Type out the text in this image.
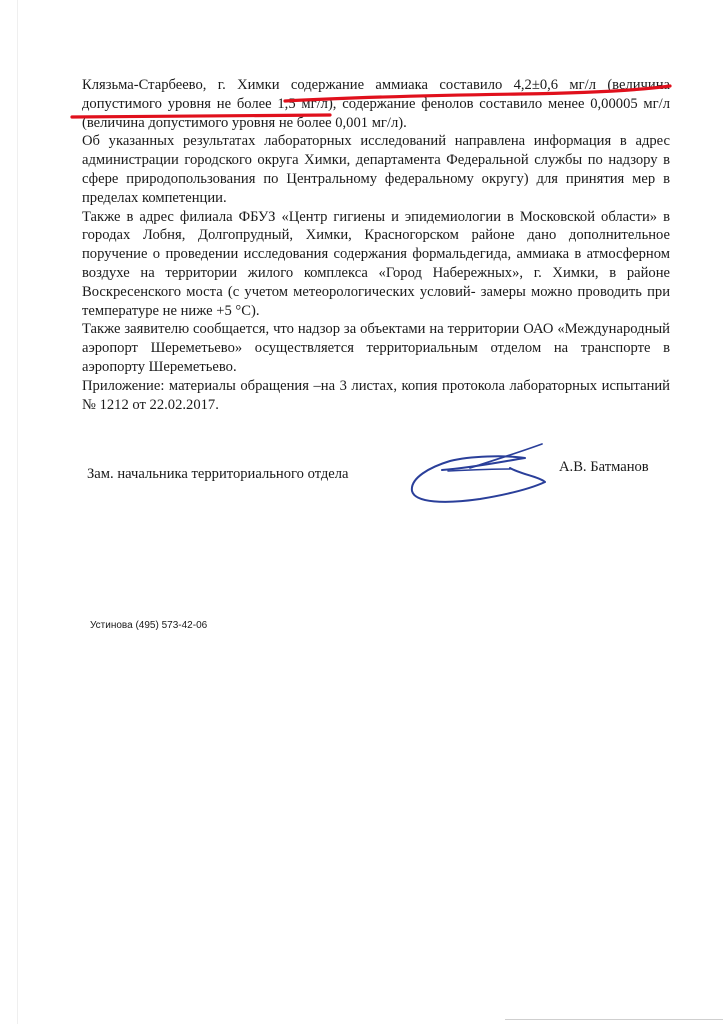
Клязьма-Старбеево, г. Химки содержание аммиака составило 4,2±0,6 мг/л (величина допустимого уровня не более 1,5 мг/л), содержание фенолов составило менее 0,00005 мг/л (величина допустимого уровня не более 0,001 мг/л).

Об указанных результатах лабораторных исследований направлена информация в адрес администрации городского округа Химки, департамента Федеральной службы по надзору в сфере природопользования по Центральному федеральному округу) для принятия мер в пределах компетенции.

Также в адрес филиала ФБУЗ «Центр гигиены и эпидемиологии в Московской области» в городах Лобня, Долгопрудный, Химки, Красногорском районе дано дополнительное поручение о проведении исследования содержания формальдегида, аммиака в атмосферном воздухе на территории жилого комплекса «Город Набережных», г. Химки, в районе Воскресенского моста (с учетом метеорологических условий- замеры можно проводить при температуре не ниже +5 °С).

Также заявителю сообщается, что надзор за объектами на территории ОАО «Международный аэропорт Шереметьево» осуществляется территориальным отделом на транспорте в аэропорту Шереметьево.

Приложение: материалы обращения –на 3 листах, копия протокола лабораторных испытаний № 1212 от 22.02.2017.

Зам. начальника территориального отдела	А.В. Батманов
Устинова (495) 573-42-06
